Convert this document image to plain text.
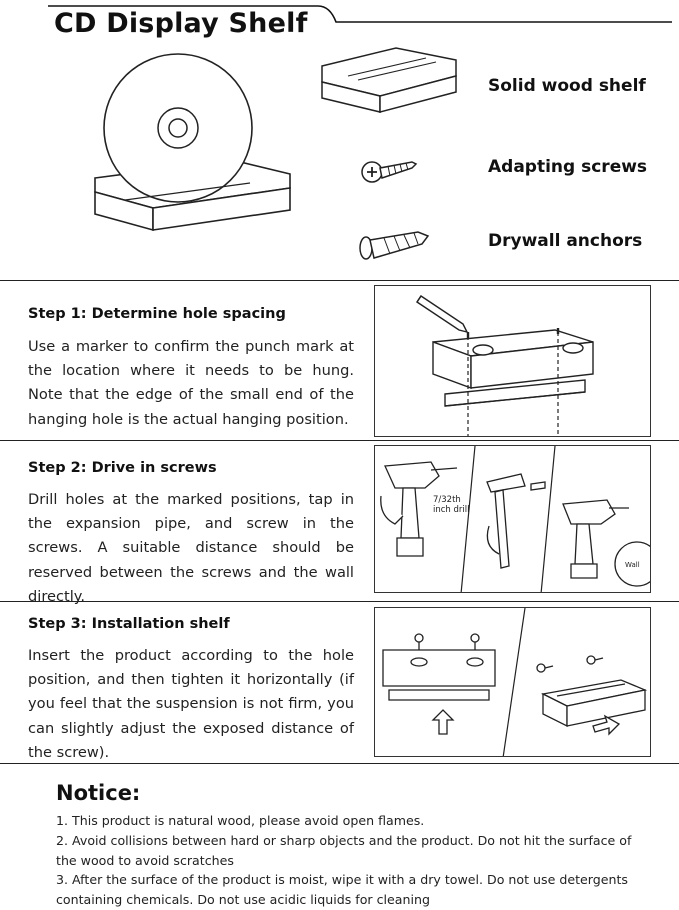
CD Display Shelf
Solid wood shelf
Adapting screws
Drywall anchors
Step 1: Determine hole spacing
Use a marker to confirm the punch mark at the location where it needs to be hung. Note that the edge of the small end of the hanging hole is the actual hanging position.
Step 2: Drive in screws
Drill holes at the marked positions, tap in the expansion pipe, and screw in the screws. A suitable distance should be reserved between the screws and the wall directly.
7/32th
inch drill
Wall
Step 3: Installation shelf
Insert the product according to the hole position, and then tighten it horizontally (if you feel that the suspension is not firm, you can slightly adjust the exposed distance of the screw).
Notice:
1. This product is natural wood, please avoid open flames.
2. Avoid collisions between hard or sharp objects and the product. Do not hit the surface of the wood to avoid scratches
3. After the surface of the product is moist, wipe it with a dry towel. Do not use detergents containing chemicals. Do not use acidic liquids for cleaning
